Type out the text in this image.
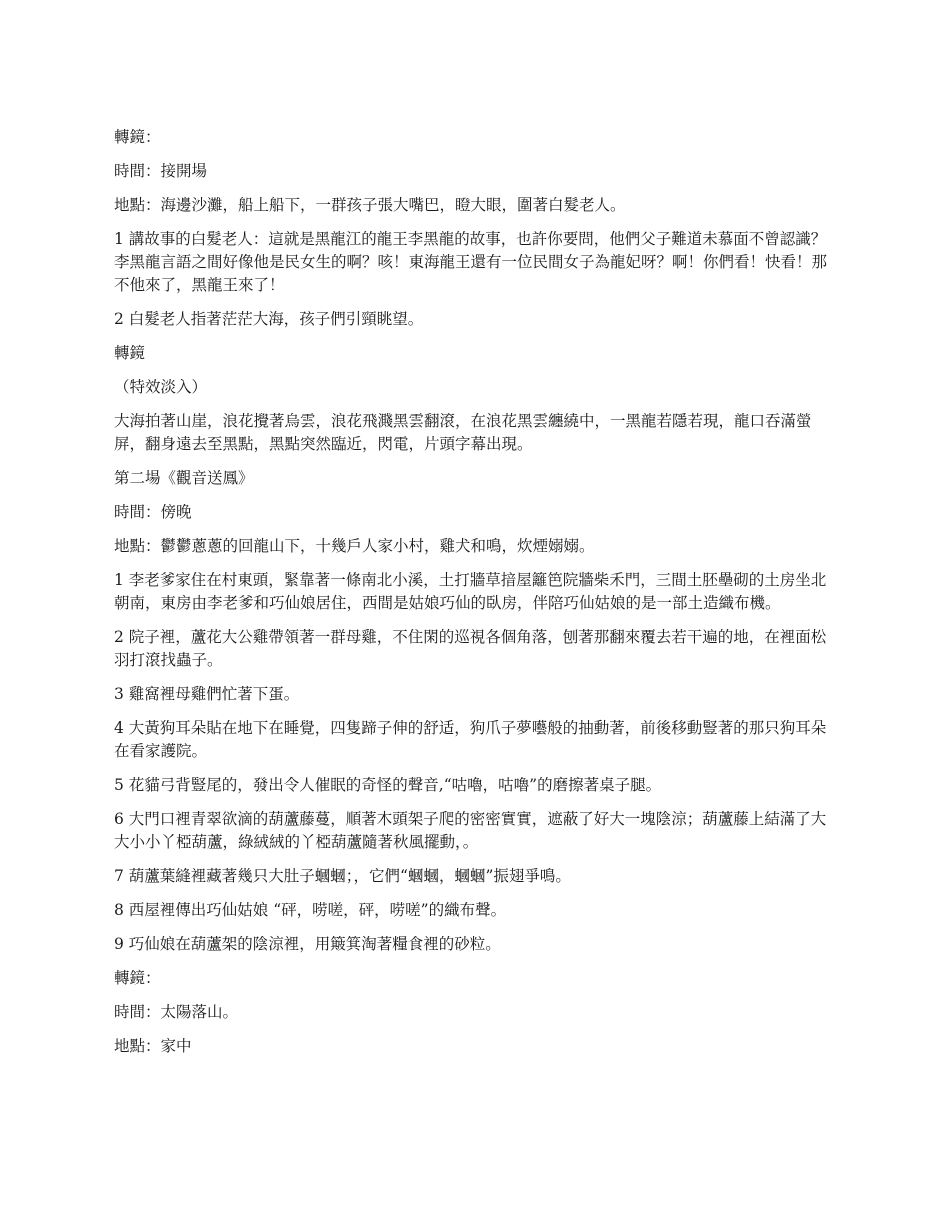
轉鏡：

時間：接開場

地點：海邊沙灘，船上船下，一群孩子張大嘴巴，瞪大眼，圍著白髮老人。

1 講故事的白髮老人：這就是黑龍江的龍王李黑龍的故事，也許你要問，他們父子難道未​慕面不曾認識？李黑龍言語之間好像他是民女生的啊？咳！東海龍王還有一位民間女子為​龍妃呀？啊！你們看！快看！那不他來了，黑龍王來了！

2 白髮老人指著茫茫大海，孩子們引頸眺望。

轉鏡

（特效淡入）

大海拍著山崖，浪花攪著烏雲，浪花飛濺黑雲翻滾，在浪花黑雲纏繞中，一黑龍若隱若​現，龍口吞滿螢屏，翻身遠去至黑點，黑點突然臨近，閃電，片頭字幕出現。

第二場《觀音送鳳》

時間：傍晚

地點：鬱鬱蔥蔥的回龍山下，十幾戶人家小村，雞犬和鳴，炊煙嫋嫋。

1 李老爹家住在村東頭，緊靠著一條南北小溪，土打牆草揞屋籬笆院牆柴禾門，三間土胚​壘砌的土房坐北朝南，東房由李老爹和巧仙娘居住，西間是姑娘巧仙的臥房，伴陪巧仙姑​娘的是一部土造織布機。

2 院子裡，蘆花大公雞帶領著一群母雞，不住閑的巡視各個角落，刨著那翻來覆去若干遍​的地，在裡面松羽打滾找蟲子。

3 雞窩裡母雞們忙著下蛋。

4 大黃狗耳朵貼在地下在睡覺，四隻蹄子伸的舒适，狗爪子夢囈般的抽動著，前後移動豎​著的那只狗耳朵在看家護院。

5 花貓弓背豎尾的，發出令人催眠的奇怪的聲音,“咕嚕，咕嚕”的磨擦著桌子腿。

6 大門口裡青翠欲滴的葫蘆藤蔓，順著木頭架子爬的密密實實，遮蔽了好大一塊陰涼；葫​蘆藤上結滿了大大小小丫椏葫蘆，綠絨絨的丫椏葫蘆隨著秋風擺動，。

7 葫蘆葉縫裡藏著幾只大肚子蟈蟈；，它們“蟈蟈，蟈蟈”振翅爭鳴。

8 西屋裡傳出巧仙姑娘 “砰，唠嗟，砰，唠嗟”的織布聲。

9 巧仙娘在葫蘆架的陰涼裡，用簸箕淘著糧食裡的砂粒。

轉鏡：

時間：太陽落山。

地點：家中
